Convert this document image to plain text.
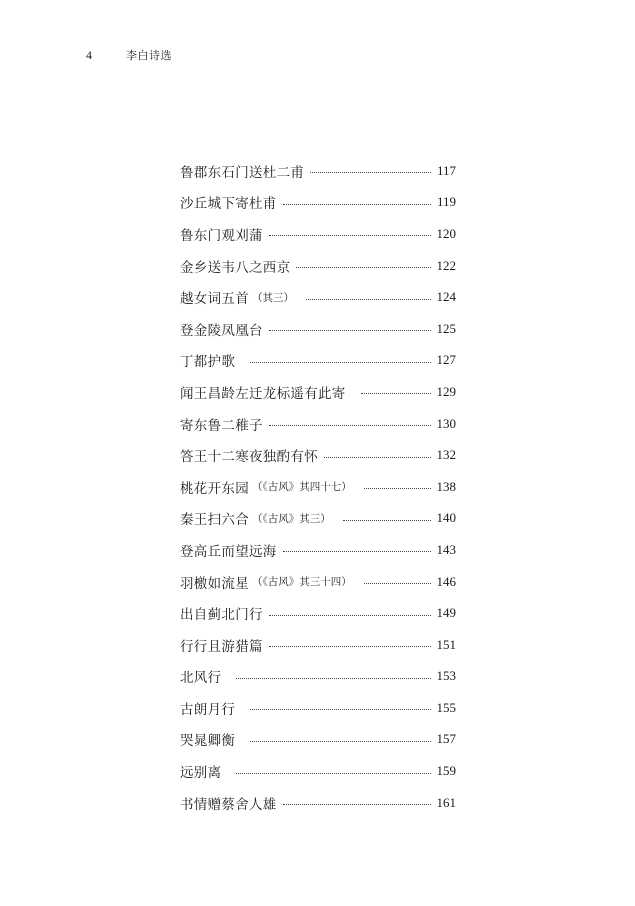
4	李白诗选
鲁郡东石门送杜二甫	117
沙丘城下寄杜甫	119
鲁东门观刈蒲	120
金乡送韦八之西京	122
越女词五首 （其三）	124
登金陵凤凰台	125
丁都护歌	127
闻王昌龄左迁龙标遥有此寄	129
寄东鲁二稚子	130
答王十二寒夜独酌有怀	132
桃花开东园 （《古风》其四十七）	138
秦王扫六合 （《古风》其三）	140
登高丘而望远海	143
羽檄如流星 （《古风》其三十四）	146
出自蓟北门行	149
行行且游猎篇	151
北风行	153
古朗月行	155
哭晁卿衡	157
远别离	159
书情赠蔡舍人雄	161
